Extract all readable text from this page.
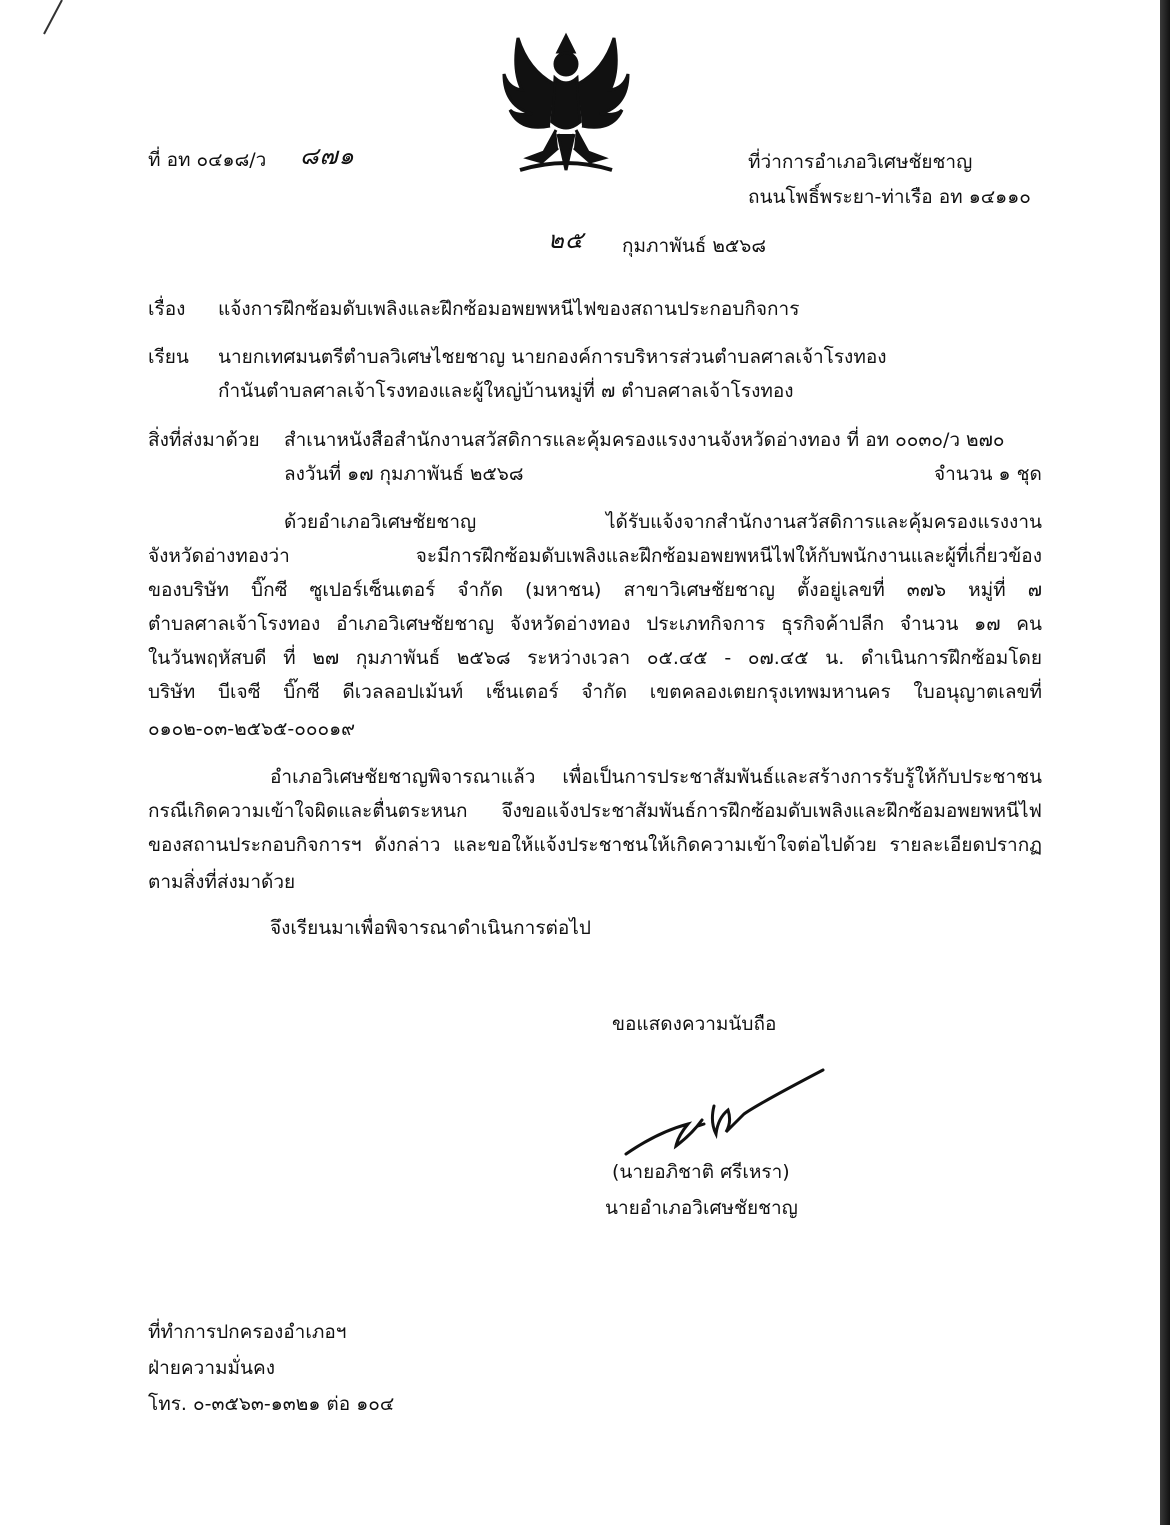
ที่ อท ๐๔๑๘/ว ๘๗๑	ที่ว่าการอำเภอวิเศษชัยชาญ
ถนนโพธิ์พระยา-ท่าเรือ อท ๑๔๑๑๐
๒๕ กุมภาพันธ์ ๒๕๖๘
เรื่อง แจ้งการฝึกซ้อมดับเพลิงและฝึกซ้อมอพยพหนีไฟของสถานประกอบกิจการ
เรียน นายกเทศมนตรีตำบลวิเศษไชยชาญ นายกองค์การบริหารส่วนตำบลศาลเจ้าโรงทอง
กำนันตำบลศาลเจ้าโรงทองและผู้ใหญ่บ้านหมู่ที่ ๗ ตำบลศาลเจ้าโรงทอง
สิ่งที่ส่งมาด้วย สำเนาหนังสือสำนักงานสวัสดิการและคุ้มครองแรงงานจังหวัดอ่างทอง ที่ อท ๐๐๓๐/ว ๒๗๐
ลงวันที่ ๑๗ กุมภาพันธ์ ๒๕๖๘	จำนวน ๑ ชุด
ด้วยอำเภอวิเศษชัยชาญ ได้รับแจ้งจากสำนักงานสวัสดิการและคุ้มครองแรงงาน
จังหวัดอ่างทองว่า จะมีการฝึกซ้อมดับเพลิงและฝึกซ้อมอพยพหนีไฟให้กับพนักงานและผู้ที่เกี่ยวข้อง
ของบริษัท บิ๊กซี ซูเปอร์เซ็นเตอร์ จำกัด (มหาชน) สาขาวิเศษชัยชาญ ตั้งอยู่เลขที่ ๓๗๖ หมู่ที่ ๗
ตำบลศาลเจ้าโรงทอง อำเภอวิเศษชัยชาญ จังหวัดอ่างทอง ประเภทกิจการ ธุรกิจค้าปลีก จำนวน ๑๗ คน
ในวันพฤหัสบดี ที่ ๒๗ กุมภาพันธ์ ๒๕๖๘ ระหว่างเวลา ๐๕.๔๕ - ๐๗.๔๕ น. ดำเนินการฝึกซ้อมโดย
บริษัท บีเจซี บิ๊กซี ดีเวลลอปเม้นท์ เซ็นเตอร์ จำกัด เขตคลองเตยกรุงเทพมหานคร ใบอนุญาตเลขที่
๐๑๐๒-๐๓-๒๕๖๕-๐๐๐๑๙
อำเภอวิเศษชัยชาญพิจารณาแล้ว เพื่อเป็นการประชาสัมพันธ์และสร้างการรับรู้ให้กับประชาชน
กรณีเกิดความเข้าใจผิดและตื่นตระหนก จึงขอแจ้งประชาสัมพันธ์การฝึกซ้อมดับเพลิงและฝึกซ้อมอพยพหนีไฟ
ของสถานประกอบกิจการฯ ดังกล่าว และขอให้แจ้งประชาชนให้เกิดความเข้าใจต่อไปด้วย รายละเอียดปรากฏ
ตามสิ่งที่ส่งมาด้วย
จึงเรียนมาเพื่อพิจารณาดำเนินการต่อไป
ขอแสดงความนับถือ
(นายอภิชาติ ศรีเหรา)
นายอำเภอวิเศษชัยชาญ
ที่ทำการปกครองอำเภอฯ
ฝ่ายความมั่นคง
โทร. ๐-๓๕๖๓-๑๓๒๑ ต่อ ๑๐๔
